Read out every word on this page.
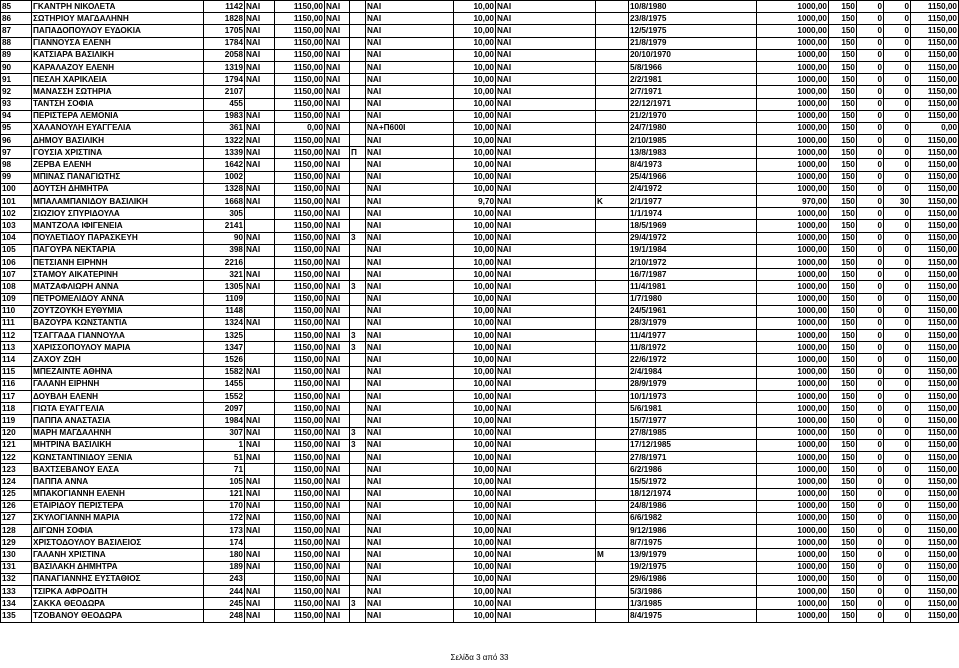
85	ΓΚΑΝΤΡΗ ΝΙΚΟΛΕΤΑ	1142	ΝΑΙ	1150,00	ΝΑΙ		ΝΑΙ	10,00	ΝΑΙ		10/8/1980	1000,00	150	0	0	1150,00
86	ΣΩΤΗΡΙΟΥ ΜΑΓΔΑΛΗΝΗ	1828	ΝΑΙ	1150,00	ΝΑΙ		ΝΑΙ	10,00	ΝΑΙ		23/8/1975	1000,00	150	0	0	1150,00
87	ΠΑΠΑΔΟΠΟΥΛΟΥ ΕΥΔΟΚΙΑ	1705	ΝΑΙ	1150,00	ΝΑΙ		ΝΑΙ	10,00	ΝΑΙ		12/5/1975	1000,00	150	0	0	1150,00
88	ΓΙΑΝΝΟΥΣΑ ΕΛΕΝΗ	1784	ΝΑΙ	1150,00	ΝΑΙ		ΝΑΙ	10,00	ΝΑΙ		21/8/1979	1000,00	150	0	0	1150,00
89	ΚΑΤΣΙΑΡΑ ΒΑΣΙΛΙΚΗ	2058	ΝΑΙ	1150,00	ΝΑΙ		ΝΑΙ	10,00	ΝΑΙ		20/10/1970	1000,00	150	0	0	1150,00
90	ΚΑΡΑΛΑΖΟΥ ΕΛΕΝΗ	1319	ΝΑΙ	1150,00	ΝΑΙ		ΝΑΙ	10,00	ΝΑΙ		5/8/1966	1000,00	150	0	0	1150,00
91	ΠΕΣΛΗ ΧΑΡΙΚΛΕΙΑ	1794	ΝΑΙ	1150,00	ΝΑΙ		ΝΑΙ	10,00	ΝΑΙ		2/2/1981	1000,00	150	0	0	1150,00
92	ΜΑΝΑΣΣΗ ΣΩΤΗΡΙΑ	2107		1150,00	ΝΑΙ		ΝΑΙ	10,00	ΝΑΙ		2/7/1971	1000,00	150	0	0	1150,00
93	ΤΑΝΤΣΗ ΣΟΦΙΑ	455		1150,00	ΝΑΙ		ΝΑΙ	10,00	ΝΑΙ		22/12/1971	1000,00	150	0	0	1150,00
94	ΠΕΡΙΣΤΕΡΑ ΛΕΜΟΝΙΑ	1983	ΝΑΙ	1150,00	ΝΑΙ		ΝΑΙ	10,00	ΝΑΙ		21/2/1970	1000,00	150	0	0	1150,00
95	ΧΑΛΑΝΟΥΛΗ ΕΥΑΓΓΕΛΙΑ	361	ΝΑΙ	0,00	ΝΑΙ		ΝΑ+Π600Ι	10,00	ΝΑΙ		24/7/1980	1000,00	150	0	0	0,00
96	ΔΗΜΟΥ ΒΑΣΙΛΙΚΗ	1322	ΝΑΙ	1150,00	ΝΑΙ		ΝΑΙ	10,00	ΝΑΙ		2/10/1985	1000,00	150	0	0	1150,00
97	ΓΟΥΣΙΑ ΧΡΙΣΤΙΝΑ	1339	ΝΑΙ	1150,00	ΝΑΙ	Π	ΝΑΙ	10,00	ΝΑΙ		13/8/1983	1000,00	150	0	0	1150,00
98	ΖΕΡΒΑ ΕΛΕΝΗ	1642	ΝΑΙ	1150,00	ΝΑΙ		ΝΑΙ	10,00	ΝΑΙ		8/4/1973	1000,00	150	0	0	1150,00
99	ΜΠΙΝΑΣ ΠΑΝΑΓΙΩΤΗΣ	1002		1150,00	ΝΑΙ		ΝΑΙ	10,00	ΝΑΙ		25/4/1966	1000,00	150	0	0	1150,00
100	ΔΟΥΤΣΗ ΔΗΜΗΤΡΑ	1328	ΝΑΙ	1150,00	ΝΑΙ		ΝΑΙ	10,00	ΝΑΙ		2/4/1972	1000,00	150	0	0	1150,00
101	ΜΠΑΛΑΜΠΑΝΙΔΟΥ ΒΑΣΙΛΙΚΗ	1668	ΝΑΙ	1150,00	ΝΑΙ		ΝΑΙ	9,70	ΝΑΙ	Κ	2/1/1977	970,00	150	0	30	1150,00
102	ΣΙΩΖΙΟΥ ΣΠΥΡΙΔΟΥΛΑ	305		1150,00	ΝΑΙ		ΝΑΙ	10,00	ΝΑΙ		1/1/1974	1000,00	150	0	0	1150,00
103	ΜΑΝΤΖΟΛΑ ΙΦΙΓΕΝΕΙΑ	2141		1150,00	ΝΑΙ		ΝΑΙ	10,00	ΝΑΙ		18/5/1969	1000,00	150	0	0	1150,00
104	ΠΟΥΛΕΤΙΔΟΥ ΠΑΡΑΣΚΕΥΗ	90	ΝΑΙ	1150,00	ΝΑΙ	3	ΝΑΙ	10,00	ΝΑΙ		29/4/1972	1000,00	150	0	0	1150,00
105	ΠΑΓΟΥΡΑ ΝΕΚΤΑΡΙΑ	398	ΝΑΙ	1150,00	ΝΑΙ		ΝΑΙ	10,00	ΝΑΙ		19/1/1984	1000,00	150	0	0	1150,00
106	ΠΕΤΣΙΑΝΗ ΕΙΡΗΝΗ	2216		1150,00	ΝΑΙ		ΝΑΙ	10,00	ΝΑΙ		2/10/1972	1000,00	150	0	0	1150,00
107	ΣΤΑΜΟΥ ΑΙΚΑΤΕΡΙΝΗ	321	ΝΑΙ	1150,00	ΝΑΙ		ΝΑΙ	10,00	ΝΑΙ		16/7/1987	1000,00	150	0	0	1150,00
108	ΜΑΤΖΑΦΛΙΩΡΗ ΑΝΝΑ	1305	ΝΑΙ	1150,00	ΝΑΙ	3	ΝΑΙ	10,00	ΝΑΙ		11/4/1981	1000,00	150	0	0	1150,00
109	ΠΕΤΡΟΜΕΛΙΔΟΥ ΑΝΝΑ	1109		1150,00	ΝΑΙ		ΝΑΙ	10,00	ΝΑΙ		1/7/1980	1000,00	150	0	0	1150,00
110	ΖΟΥΤΖΟΥΚΗ ΕΥΘΥΜΙΑ	1148		1150,00	ΝΑΙ		ΝΑΙ	10,00	ΝΑΙ		24/5/1961	1000,00	150	0	0	1150,00
111	ΒΑΖΟΥΡΑ ΚΩΝΣΤΑΝΤΙΑ	1324	ΝΑΙ	1150,00	ΝΑΙ		ΝΑΙ	10,00	ΝΑΙ		28/3/1979	1000,00	150	0	0	1150,00
112	ΤΣΑΓΓΑΔΑ ΓΙΑΝΝΟΥΛΑ	1325		1150,00	ΝΑΙ	3	ΝΑΙ	10,00	ΝΑΙ		11/4/1977	1000,00	150	0	0	1150,00
113	ΧΑΡΙΣΣΟΠΟΥΛΟΥ ΜΑΡΙΑ	1347		1150,00	ΝΑΙ	3	ΝΑΙ	10,00	ΝΑΙ		11/8/1972	1000,00	150	0	0	1150,00
114	ΖΑΧΟΥ ΖΩΗ	1526		1150,00	ΝΑΙ		ΝΑΙ	10,00	ΝΑΙ		22/6/1972	1000,00	150	0	0	1150,00
115	ΜΠΕΖΑΙΝΤΕ ΑΘΗΝΑ	1582	ΝΑΙ	1150,00	ΝΑΙ		ΝΑΙ	10,00	ΝΑΙ		2/4/1984	1000,00	150	0	0	1150,00
116	ΓΑΛΑΝΗ ΕΙΡΗΝΗ	1455		1150,00	ΝΑΙ		ΝΑΙ	10,00	ΝΑΙ		28/9/1979	1000,00	150	0	0	1150,00
117	ΔΟΥΒΛΗ ΕΛΕΝΗ	1552		1150,00	ΝΑΙ		ΝΑΙ	10,00	ΝΑΙ		10/1/1973	1000,00	150	0	0	1150,00
118	ΓΙΩΤΑ ΕΥΑΓΓΕΛΙΑ	2097		1150,00	ΝΑΙ		ΝΑΙ	10,00	ΝΑΙ		5/6/1981	1000,00	150	0	0	1150,00
119	ΠΑΠΠΑ ΑΝΑΣΤΑΣΙΑ	1984	ΝΑΙ	1150,00	ΝΑΙ		ΝΑΙ	10,00	ΝΑΙ		15/7/1977	1000,00	150	0	0	1150,00
120	ΜΑΡΗ ΜΑΓΔΑΛΗΝΗ	307	ΝΑΙ	1150,00	ΝΑΙ	3	ΝΑΙ	10,00	ΝΑΙ		27/8/1985	1000,00	150	0	0	1150,00
121	ΜΗΤΡΙΝΑ ΒΑΣΙΛΙΚΗ	1	ΝΑΙ	1150,00	ΝΑΙ	3	ΝΑΙ	10,00	ΝΑΙ		17/12/1985	1000,00	150	0	0	1150,00
122	ΚΩΝΣΤΑΝΤΙΝΙΔΟΥ ΞΕΝΙΑ	51	ΝΑΙ	1150,00	ΝΑΙ		ΝΑΙ	10,00	ΝΑΙ		27/8/1971	1000,00	150	0	0	1150,00
123	ΒΑΧΤΣΕΒΑΝΟΥ ΕΛΣΑ	71		1150,00	ΝΑΙ		ΝΑΙ	10,00	ΝΑΙ		6/2/1986	1000,00	150	0	0	1150,00
124	ΠΑΠΠΑ ΑΝΝΑ	105	ΝΑΙ	1150,00	ΝΑΙ		ΝΑΙ	10,00	ΝΑΙ		15/5/1972	1000,00	150	0	0	1150,00
125	ΜΠΑΚΟΓΙΑΝΝΗ ΕΛΕΝΗ	121	ΝΑΙ	1150,00	ΝΑΙ		ΝΑΙ	10,00	ΝΑΙ		18/12/1974	1000,00	150	0	0	1150,00
126	ΕΤΑΙΡΙΔΟΥ ΠΕΡΙΣΤΕΡΑ	170	ΝΑΙ	1150,00	ΝΑΙ		ΝΑΙ	10,00	ΝΑΙ		24/8/1986	1000,00	150	0	0	1150,00
127	ΣΚΥΛΟΓΙΑΝΝΗ ΜΑΡΙΑ	172	ΝΑΙ	1150,00	ΝΑΙ		ΝΑΙ	10,00	ΝΑΙ		6/6/1982	1000,00	150	0	0	1150,00
128	ΔΙΓΩΝΗ ΣΟΦΙΑ	173	ΝΑΙ	1150,00	ΝΑΙ		ΝΑΙ	10,00	ΝΑΙ		9/12/1986	1000,00	150	0	0	1150,00
129	ΧΡΙΣΤΟΔΟΥΛΟΥ ΒΑΣΙΛΕΙΟΣ	174		1150,00	ΝΑΙ		ΝΑΙ	10,00	ΝΑΙ		8/7/1975	1000,00	150	0	0	1150,00
130	ΓΑΛΑΝΗ ΧΡΙΣΤΙΝΑ	180	ΝΑΙ	1150,00	ΝΑΙ		ΝΑΙ	10,00	ΝΑΙ	Μ	13/9/1979	1000,00	150	0	0	1150,00
131	ΒΑΣΙΛΑΚΗ ΔΗΜΗΤΡΑ	189	ΝΑΙ	1150,00	ΝΑΙ		ΝΑΙ	10,00	ΝΑΙ		19/2/1975	1000,00	150	0	0	1150,00
132	ΠΑΝΑΓΙΑΝΝΗΣ ΕΥΣΤΑΘΙΟΣ	243		1150,00	ΝΑΙ		ΝΑΙ	10,00	ΝΑΙ		29/6/1986	1000,00	150	0	0	1150,00
133	ΤΣΙΡΚΑ ΑΦΡΟΔΙΤΗ	244	ΝΑΙ	1150,00	ΝΑΙ		ΝΑΙ	10,00	ΝΑΙ		5/3/1986	1000,00	150	0	0	1150,00
134	ΣΑΚΚΑ ΘΕΟΔΩΡΑ	245	ΝΑΙ	1150,00	ΝΑΙ	3	ΝΑΙ	10,00	ΝΑΙ		1/3/1985	1000,00	150	0	0	1150,00
135	ΤΖΟΒΑΝΟΥ ΘΕΟΔΩΡΑ	248	ΝΑΙ	1150,00	ΝΑΙ		ΝΑΙ	10,00	ΝΑΙ		8/4/1975	1000,00	150	0	0	1150,00
Σελίδα 3 από 33
